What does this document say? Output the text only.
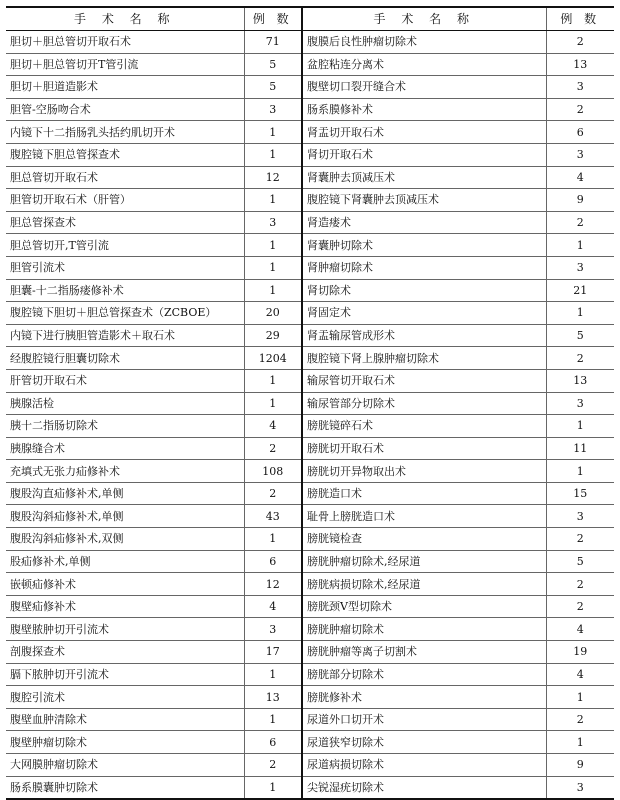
手 术 名 称	例 数	手 术 名 称	例 数
胆切＋胆总管切开取石术	71	腹膜后良性肿瘤切除术	2
胆切＋胆总管切开T管引流	5	盆腔粘连分离术	13
胆切＋胆道造影术	5	腹壁切口裂开缝合术	3
胆管-空肠吻合术	3	肠系膜修补术	2
内镜下十二指肠乳头括约肌切开术	1	肾盂切开取石术	6
腹腔镜下胆总管探查术	1	肾切开取石术	3
胆总管切开取石术	12	肾囊肿去顶减压术	4
胆管切开取石术（肝管）	1	腹腔镜下肾囊肿去顶减压术	9
胆总管探查术	3	肾造瘘术	2
胆总管切开,T管引流	1	肾囊肿切除术	1
胆管引流术	1	肾肿瘤切除术	3
胆囊-十二指肠瘘修补术	1	肾切除术	21
腹腔镜下胆切＋胆总管探查术（ZCBOE）	20	肾固定术	1
内镜下进行胰胆管造影术＋取石术	29	肾盂输尿管成形术	5
经腹腔镜行胆囊切除术	1204	腹腔镜下肾上腺肿瘤切除术	2
肝管切开取石术	1	输尿管切开取石术	13
胰腺活检	1	输尿管部分切除术	3
胰十二指肠切除术	4	膀胱镜碎石术	1
胰腺缝合术	2	膀胱切开取石术	11
充填式无张力疝修补术	108	膀胱切开异物取出术	1
腹股沟直疝修补术,单侧	2	膀胱造口术	15
腹股沟斜疝修补术,单侧	43	耻骨上膀胱造口术	3
腹股沟斜疝修补术,双侧	1	膀胱镜检查	2
股疝修补术,单侧	6	膀胱肿瘤切除术,经尿道	5
嵌顿疝修补术	12	膀胱病损切除术,经尿道	2
腹壁疝修补术	4	膀胱颈V型切除术	2
腹壁脓肿切开引流术	3	膀胱肿瘤切除术	4
剖腹探查术	17	膀胱肿瘤等离子切割术	19
膈下脓肿切开引流术	1	膀胱部分切除术	4
腹腔引流术	13	膀胱修补术	1
腹壁血肿清除术	1	尿道外口切开术	2
腹壁肿瘤切除术	6	尿道狭窄切除术	1
大网膜肿瘤切除术	2	尿道病损切除术	9
肠系膜囊肿切除术	1	尖锐湿疣切除术	3
